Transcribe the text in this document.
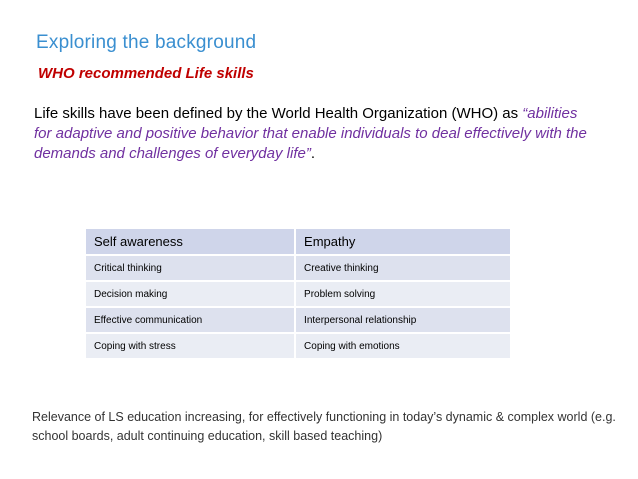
Exploring the background
WHO recommended Life skills
Life skills have been defined by the World Health Organization (WHO) as “abilities for adaptive and positive behavior that enable individuals to deal effectively with the demands and challenges of everyday life”.
Self awareness	Empathy
Critical thinking	Creative thinking
Decision making	Problem solving
Effective communication	Interpersonal relationship
Coping with stress	Coping with emotions
Relevance of LS education increasing, for effectively functioning in today’s dynamic & complex world (e.g. school boards, adult continuing education, skill based teaching)
